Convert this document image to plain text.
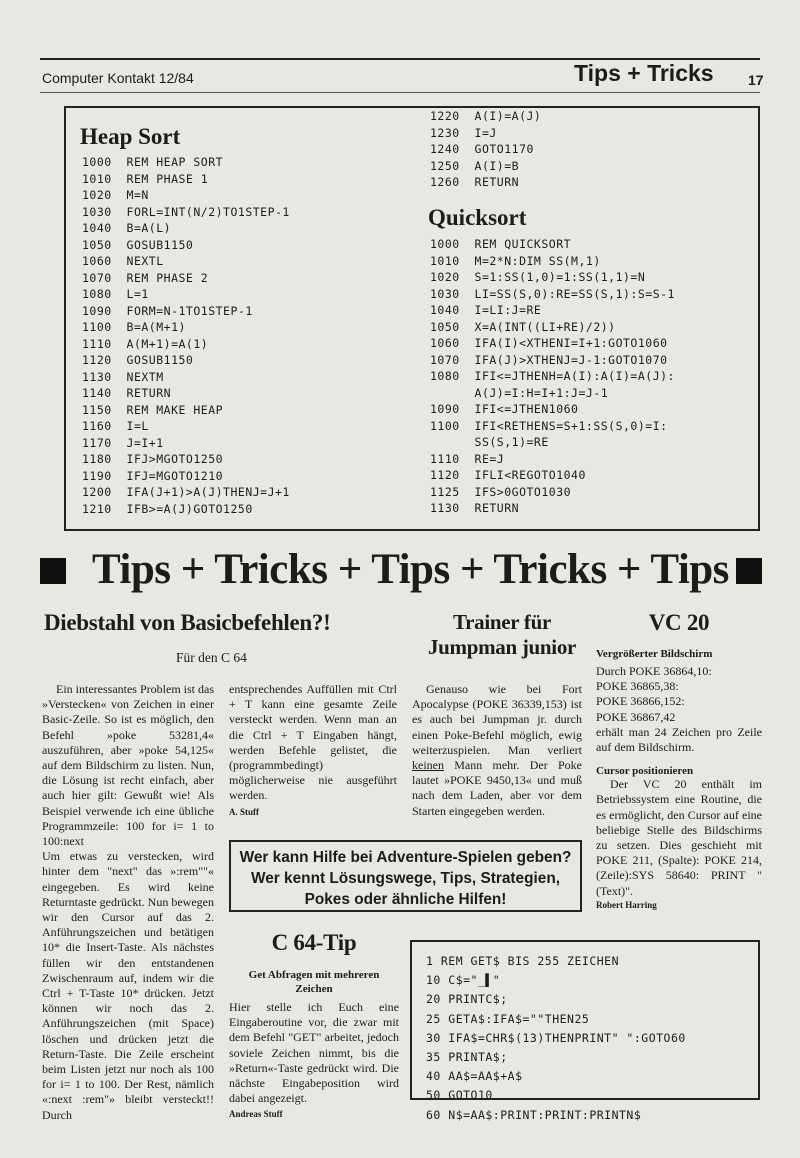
Computer Kontakt 12/84	Tips + Tricks 17
Heap Sort
1000  REM HEAP SORT
1010  REM PHASE 1
1020  M=N
1030  FORL=INT(N/2)TO1STEP-1
1040  B=A(L)
1050  GOSUB1150
1060  NEXTL
1070  REM PHASE 2
1080  L=1
1090  FORM=N-1TO1STEP-1
1100  B=A(M+1)
1110  A(M+1)=A(1)
1120  GOSUB1150
1130  NEXTM
1140  RETURN
1150  REM MAKE HEAP
1160  I=L
1170  J=I+1
1180  IFJ>MGOTO1250
1190  IFJ=MGOTO1210
1200  IFA(J+1)>A(J)THENJ=J+1
1210  IFB>=A(J)GOTO1250
1220  A(I)=A(J)
1230  I=J
1240  GOTO1170
1250  A(I)=B
1260  RETURN
Quicksort
1000  REM QUICKSORT
1010  M=2*N:DIM SS(M,1)
1020  S=1:SS(1,0)=1:SS(1,1)=N
1030  LI=SS(S,0):RE=SS(S,1):S=S-1
1040  I=LI:J=RE
1050  X=A(INT((LI+RE)/2))
1060  IFA(I)<XTHENI=I+1:GOTO1060
1070  IFA(J)>XTHENJ=J-1:GOTO1070
1080  IFI<=JTHENH=A(I):A(I)=A(J):
A(J)=I:H=I+1:J=J-1
1090  IFI<=JTHEN1060
1100  IFI<RETHENS=S+1:SS(S,0)=I:
SS(S,1)=RE
1110  RE=J
1120  IFLI<REGOTO1040
1125  IFS>0GOTO1030
1130  RETURN
Tips + Tricks + Tips + Tricks + Tips
Diebstahl von Basicbefehlen?!
Für den C 64

Ein interessantes Problem ist das »Verstecken« von Zeichen in einer Basic-Zeile. So ist es möglich, den Befehl »poke 53281,4« auszuführen, aber »poke 54,125« auf dem Bildschirm zu listen. Nun, die Lösung ist recht einfach, aber auch hier gilt: Gewußt wie! Als Beispiel verwende ich eine übliche Programmzeile: 100 for i= 1 to 100:next

Um etwas zu verstecken, wird hinter dem "next" das »:rem""« eingegeben. Es wird keine Returntaste gedrückt. Nun bewegen wir den Cursor auf das 2. Anführungszeichen und betätigen 10* die Insert-Taste. Als nächstes füllen wir den entstandenen Zwischenraum auf, indem wir die Ctrl + T-Taste 10* drücken. Jetzt können wir noch das 2. Anführungszeichen (mit Space) löschen und drücken jetzt die Return-Taste. Die Zeile erscheint beim Listen jetzt nur noch als 100 for i= 1 to 100. Der Rest, nämlich «:next :rem"» bleibt versteckt!! Durch

entsprechendes Auffüllen mit Ctrl + T kann eine gesamte Zeile versteckt werden. Wenn man an die Ctrl + T Eingaben hängt, werden Befehle gelistet, die (programmbedingt) möglicherweise nie ausgeführt werden.

A. Stuff
Trainer für Jumpman junior

Genauso wie bei Fort Apocalypse (POKE 36339,153) ist es auch bei Jumpman jr. durch einen Poke-Befehl möglich, ewig weiterzuspielen. Man verliert keinen Mann mehr. Der Poke lautet »POKE 9450,13« und muß nach dem Laden, aber vor dem Starten eingegeben werden.

VC 20
Vergrößerter Bildschirm
Durch POKE 36864,10:
POKE 36865,38:
POKE 36866,152:
POKE 36867,42

erhält man 24 Zeichen pro Zeile auf dem Bildschirm.

Cursor positionieren

Der VC 20 enthält im Betriebssystem eine Routine, die es ermöglicht, den Cursor auf eine beliebige Stelle des Bildschirms zu setzen. Dies geschieht mit POKE 211, (Spalte): POKE 214, (Zeile):SYS 58640: PRINT "(Text)".

Robert Harring
Wer kann Hilfe bei Adventure-Spielen geben? Wer kennt Lösungswege, Tips, Strategien, Pokes oder ähnliche Hilfen!
C 64-Tip
Get Abfragen mit mehreren Zeichen

Hier stelle ich Euch eine Eingaberoutine vor, die zwar mit dem Befehl "GET" arbeitet, jedoch soviele Zeichen nimmt, bis die »Return«-Taste gedrückt wird. Die nächste Eingabeposition wird dabei angezeigt.

Andreas Stuff
1 REM GET$ BIS 255 ZEICHEN
10 C$="_▌"
20 PRINTC$;
25 GETA$:IFA$=""THEN25
30 IFA$=CHR$(13)THENPRINT" ":GOTO60
35 PRINTA$;
40 AA$=AA$+A$
50 GOTO10
60 N$=AA$:PRINT:PRINT:PRINTN$
